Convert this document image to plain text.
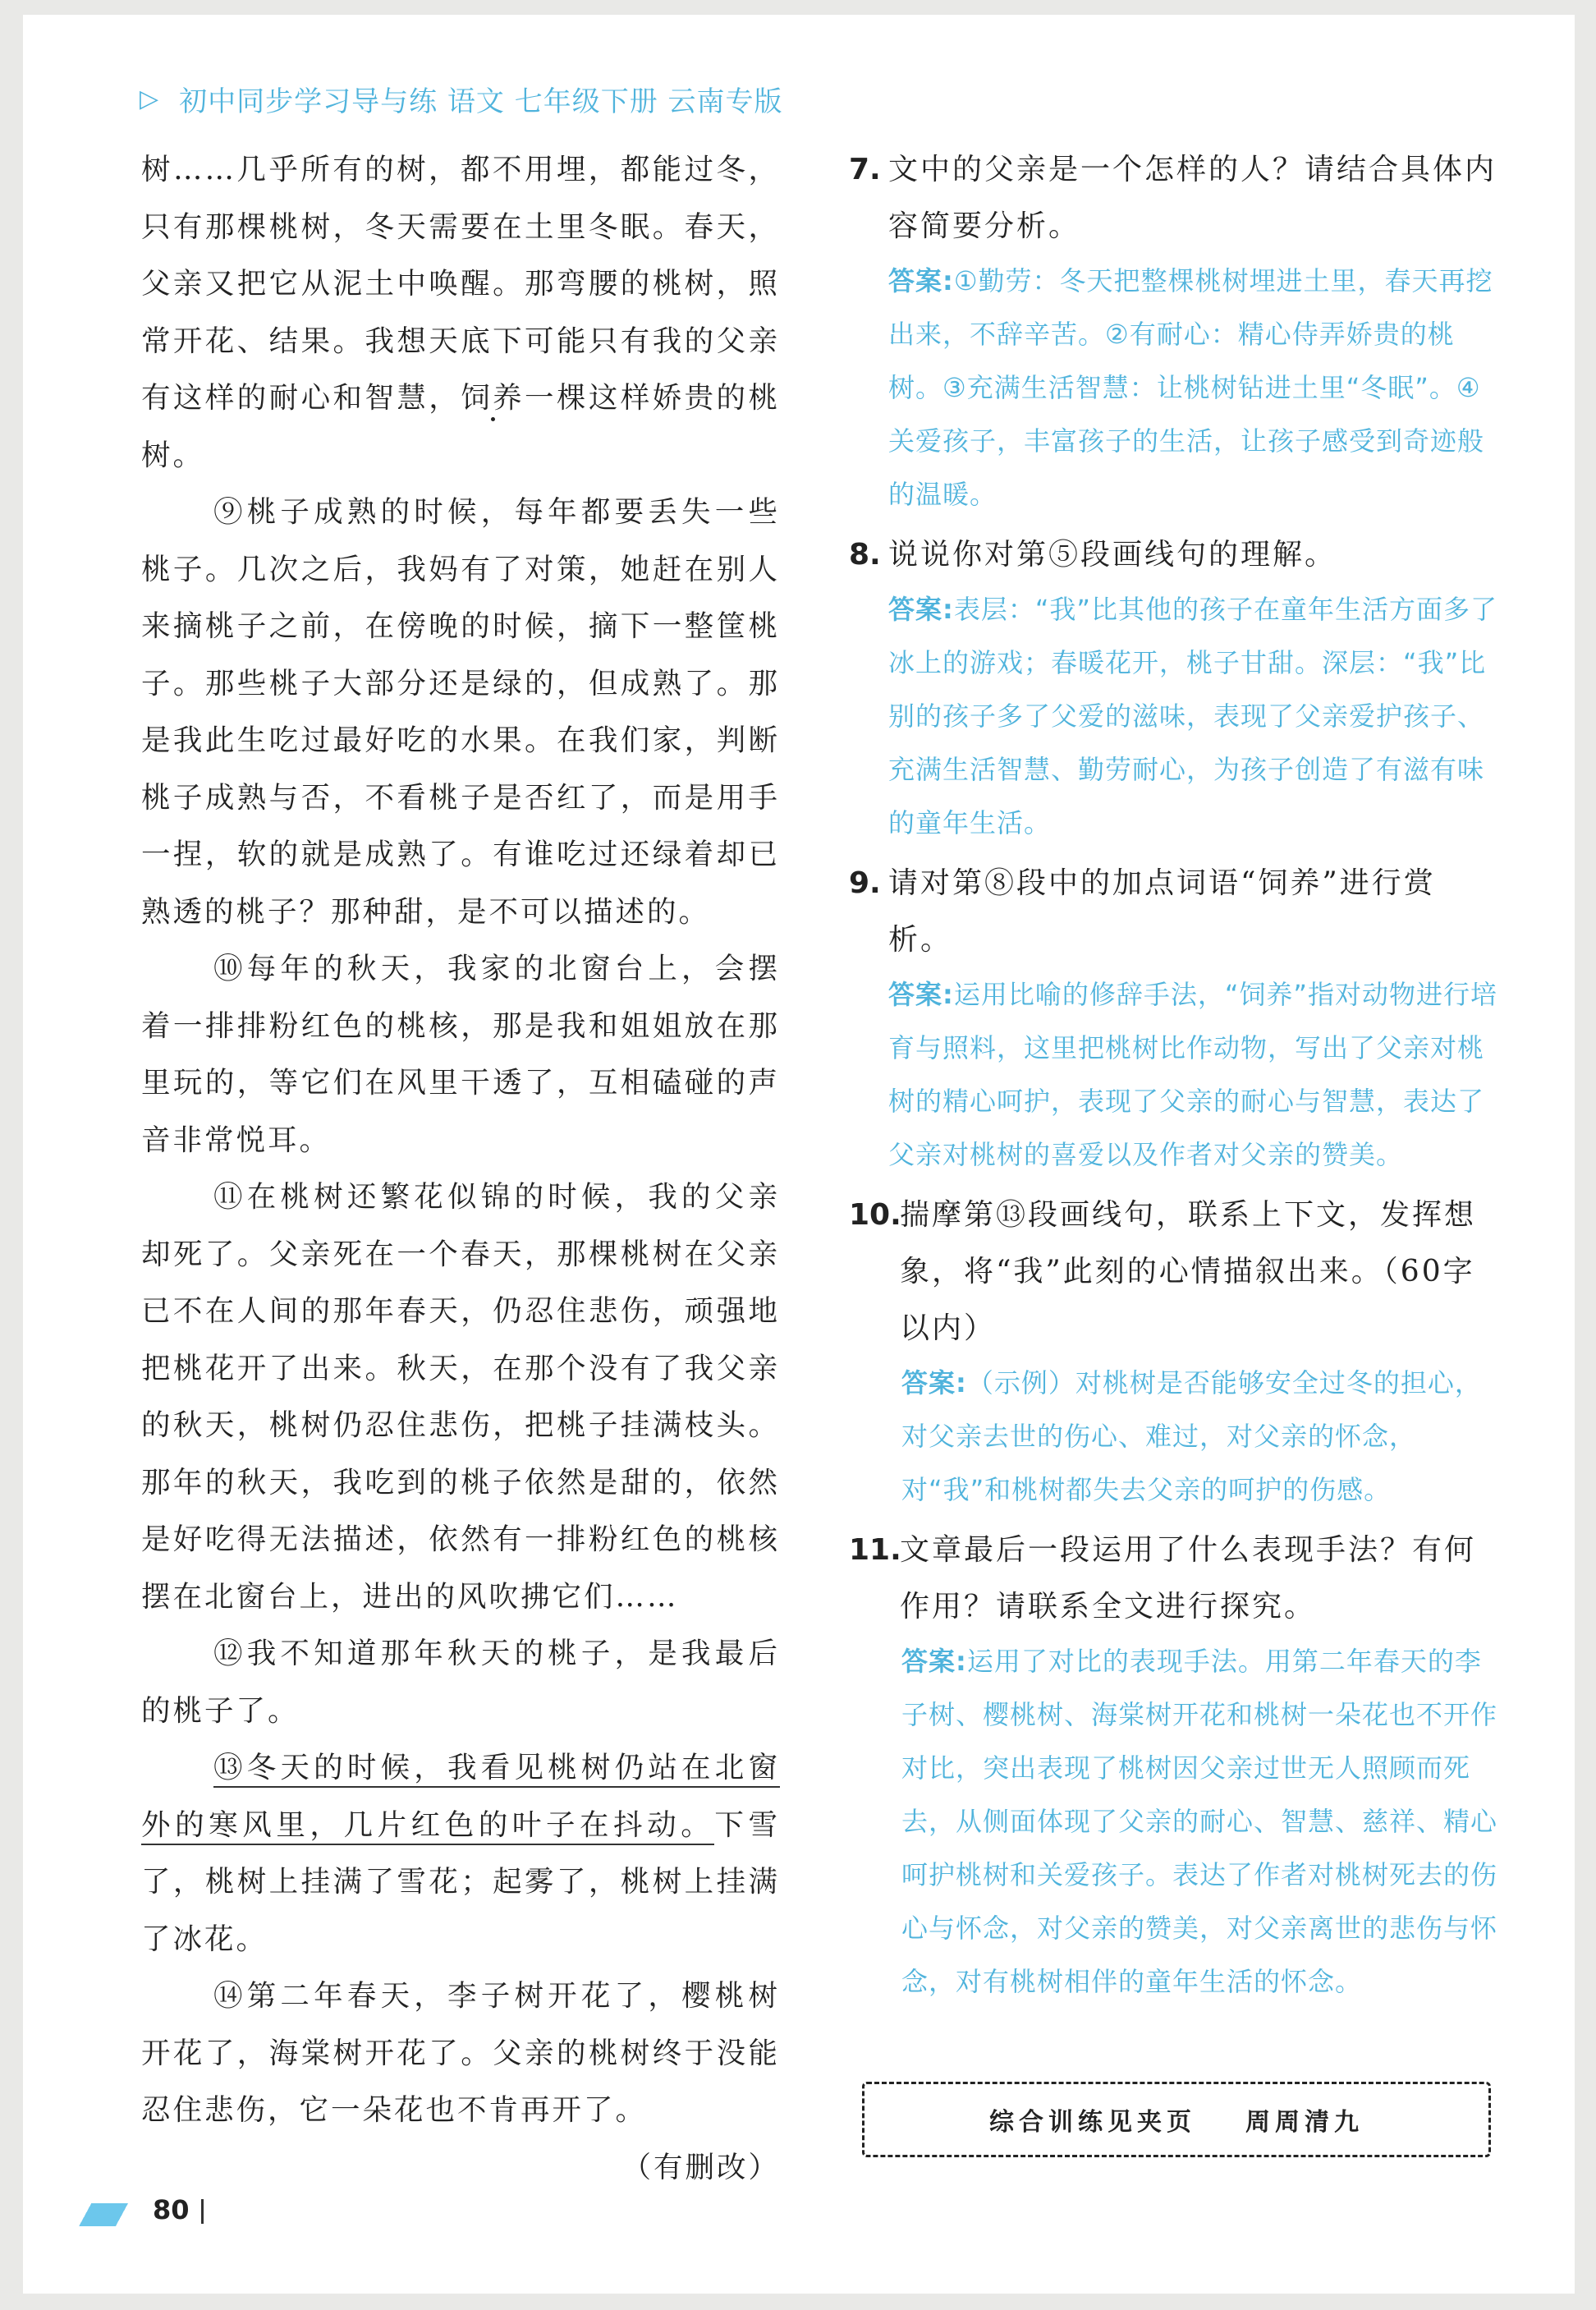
▷ 初中同步学习导与练 语文 七年级下册 云南专版

树……几乎所有的树，都不用埋，都能过冬，只有那棵桃树，冬天需要在土里冬眠。春天，父亲又把它从泥土中唤醒。那弯腰的桃树，照常开花、结果。我想天底下可能只有我的父亲有这样的耐心和智慧，饲养一棵这样娇贵的桃树。

⑨桃子成熟的时候，每年都要丢失一些桃子。几次之后，我妈有了对策，她赶在别人来摘桃子之前，在傍晚的时候，摘下一整筐桃子。那些桃子大部分还是绿的，但成熟了。那是我此生吃过最好吃的水果。在我们家，判断桃子成熟与否，不看桃子是否红了，而是用手一捏，软的就是成熟了。有谁吃过还绿着却已熟透的桃子？那种甜，是不可以描述的。

⑩每年的秋天，我家的北窗台上，会摆着一排排粉红色的桃核，那是我和姐姐放在那里玩的，等它们在风里干透了，互相磕碰的声音非常悦耳。

⑪在桃树还繁花似锦的时候，我的父亲却死了。父亲死在一个春天，那棵桃树在父亲已不在人间的那年春天，仍忍住悲伤，顽强地把桃花开了出来。秋天，在那个没有了我父亲的秋天，桃树仍忍住悲伤，把桃子挂满枝头。那年的秋天，我吃到的桃子依然是甜的，依然是好吃得无法描述，依然有一排粉红色的桃核摆在北窗台上，进出的风吹拂它们……

⑫我不知道那年秋天的桃子，是我最后的桃子了。

⑬冬天的时候，我看见桃树仍站在北窗外的寒风里，几片红色的叶子在抖动。下雪了，桃树上挂满了雪花；起雾了，桃树上挂满了冰花。

⑭第二年春天，李子树开花了，樱桃树开花了，海棠树开花了。父亲的桃树终于没能忍住悲伤，它一朵花也不肯再开了。

（有删改）

7. 文中的父亲是一个怎样的人？请结合具体内容简要分析。
答案:①勤劳：冬天把整棵桃树埋进土里，春天再挖出来，不辞辛苦。②有耐心：精心侍弄娇贵的桃树。③充满生活智慧：让桃树钻进土里“冬眠”。④关爱孩子，丰富孩子的生活，让孩子感受到奇迹般的温暖。
8. 说说你对第⑤段画线句的理解。
答案:表层：“我”比其他的孩子在童年生活方面多了冰上的游戏；春暖花开，桃子甘甜。深层：“我”比别的孩子多了父爱的滋味，表现了父亲爱护孩子、充满生活智慧、勤劳耐心，为孩子创造了有滋有味的童年生活。
9. 请对第⑧段中的加点词语“饲养”进行赏析。
答案:运用比喻的修辞手法，“饲养”指对动物进行培育与照料，这里把桃树比作动物，写出了父亲对桃树的精心呵护，表现了父亲的耐心与智慧，表达了父亲对桃树的喜爱以及作者对父亲的赞美。
10.
揣摩第⑬段画线句，联系上下文，发挥想象，将“我”此刻的心情描叙出来。（60字以内）
答案:（示例）对桃树是否能够安全过冬的担心，对父亲去世的伤心、难过，对父亲的怀念，对“我”和桃树都失去父亲的呵护的伤感。
11.
文章最后一段运用了什么表现手法？有何作用？请联系全文进行探究。
答案:运用了对比的表现手法。用第二年春天的李子树、樱桃树、海棠树开花和桃树一朵花也不开作对比，突出表现了桃树因父亲过世无人照顾而死去，从侧面体现了父亲的耐心、智慧、慈祥、精心呵护桃树和关爱孩子。表达了作者对桃树死去的伤心与怀念，对父亲的赞美，对父亲离世的悲伤与怀念，对有桃树相伴的童年生活的怀念。
综合训练见夹页 周周清九
80
